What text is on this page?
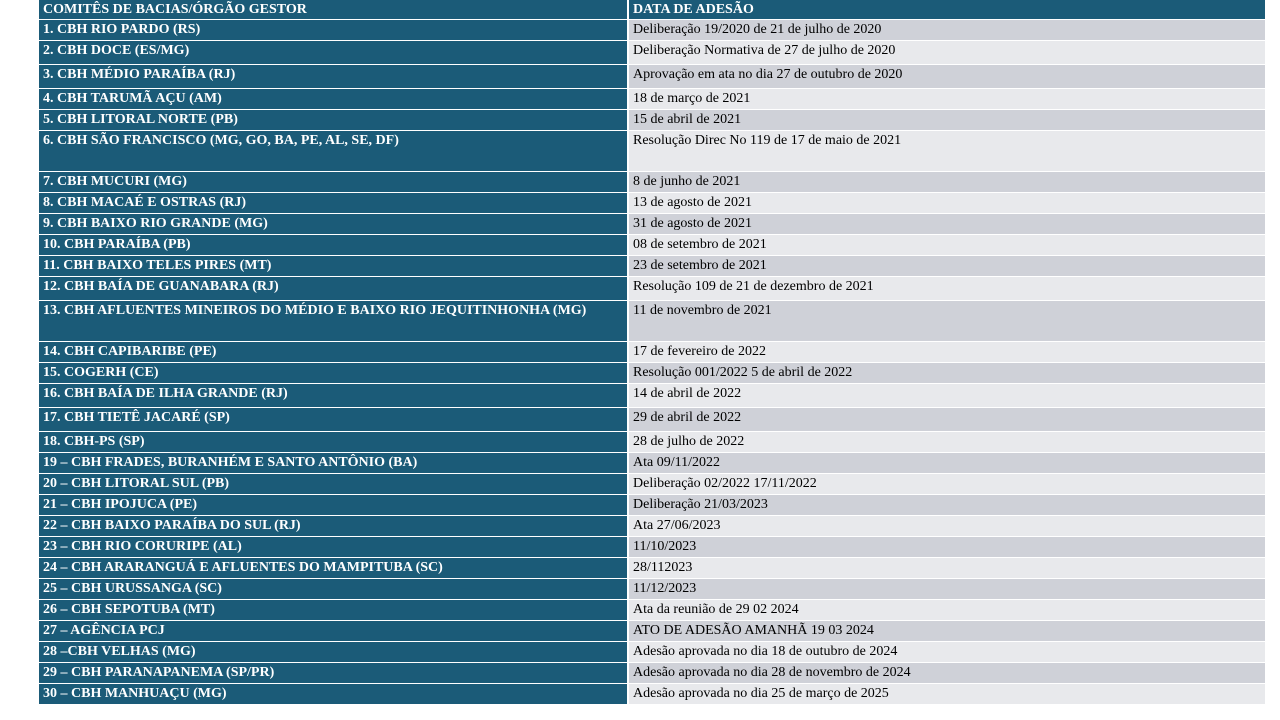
COMITÊS DE BACIAS/ÓRGÃO GESTOR	DATA DE ADESÃO
1. CBH RIO PARDO (RS)	Deliberação 19/2020 de 21 de julho de 2020
2. CBH DOCE (ES/MG)	Deliberação Normativa de 27 de julho de 2020
3. CBH MÉDIO PARAÍBA (RJ)	Aprovação em ata no dia 27 de outubro de 2020
4. CBH TARUMÃ AÇU (AM)	18 de março de 2021
5. CBH LITORAL NORTE (PB)	15 de abril de 2021
6. CBH SÃO FRANCISCO (MG, GO, BA, PE, AL, SE, DF)	Resolução Direc No 119 de 17 de maio de 2021
7. CBH MUCURI (MG)	8 de junho de 2021
8. CBH MACAÉ E OSTRAS (RJ)	13 de agosto de 2021
9. CBH BAIXO RIO GRANDE (MG)	31 de agosto de 2021
10. CBH PARAÍBA (PB)	08 de setembro de 2021
11. CBH BAIXO TELES PIRES (MT)	23 de setembro de 2021
12. CBH BAÍA DE GUANABARA (RJ)	Resolução 109 de 21 de dezembro de 2021
13. CBH AFLUENTES MINEIROS DO MÉDIO E BAIXO RIO JEQUITINHONHA (MG)	11 de novembro de 2021
14. CBH CAPIBARIBE (PE)	17 de fevereiro de 2022
15. COGERH (CE)	Resolução 001/2022 5 de abril de 2022
16. CBH BAÍA DE ILHA GRANDE (RJ)	14 de abril de 2022
17. CBH TIETÊ JACARÉ (SP)	29 de abril de 2022
18. CBH-PS (SP)	28 de julho de 2022
19 – CBH FRADES, BURANHÉM E SANTO ANTÔNIO (BA)	Ata 09/11/2022
20 – CBH LITORAL SUL (PB)	Deliberação 02/2022 17/11/2022
21 – CBH IPOJUCA (PE)	Deliberação 21/03/2023
22 – CBH BAIXO PARAÍBA DO SUL (RJ)	Ata 27/06/2023
23 – CBH RIO CORURIPE (AL)	11/10/2023
24 – CBH ARARANGUÁ E AFLUENTES DO MAMPITUBA (SC)	28/112023
25 – CBH URUSSANGA (SC)	11/12/2023
26 – CBH SEPOTUBA (MT)	Ata da reunião de 29 02 2024
27 – AGÊNCIA PCJ	ATO DE ADESÃO AMANHÃ 19 03 2024
28 –CBH VELHAS (MG)	Adesão aprovada no dia 18 de outubro de 2024
29 – CBH PARANAPANEMA (SP/PR)	Adesão aprovada no dia 28 de novembro de 2024
30 – CBH MANHUAÇU (MG)	Adesão aprovada no dia 25 de março de 2025
